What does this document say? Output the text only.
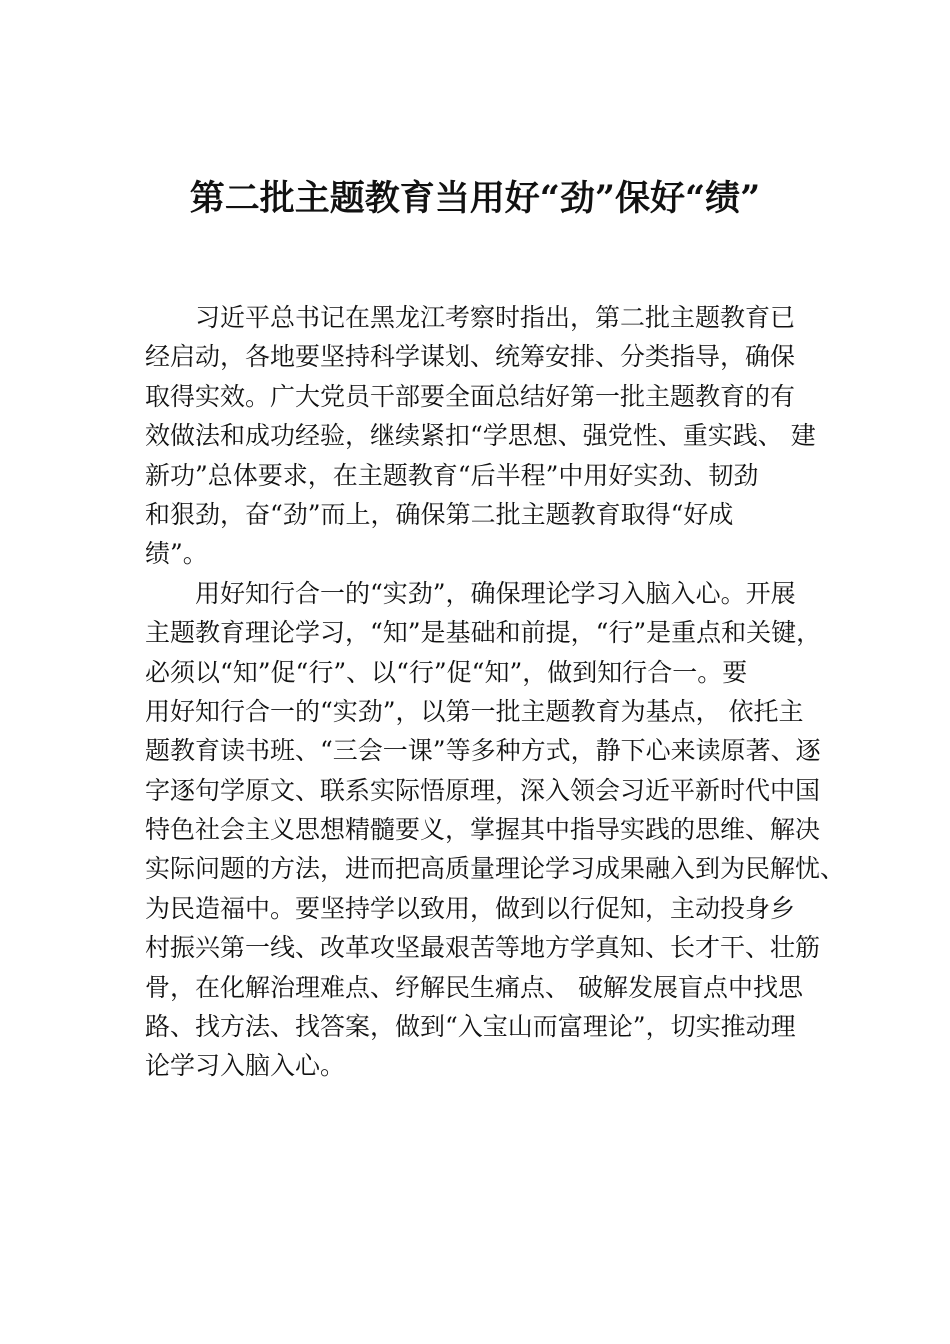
第二批主题教育当用好“劲”保好“绩”
习近平总书记在黑龙江考察时指出，第二批主题教育已
经启动，各地要坚持科学谋划、统筹安排、分类指导，确保
取得实效。广大党员干部要全面总结好第一批主题教育的有
效做法和成功经验，继续紧扣“学思想、强党性、重实践、 建
新功”总体要求，在主题教育“后半程”中用好实劲、韧劲
和狠劲，奋“劲”而上，确保第二批主题教育取得“好成
绩”。
用好知行合一的“实劲”，确保理论学习入脑入心。开展
主题教育理论学习，“知”是基础和前提，“行”是重点和关键，
必须以“知”促“行”、以“行”促“知”，做到知行合一。要
用好知行合一的“实劲”，以第一批主题教育为基点， 依托主
题教育读书班、“三会一课”等多种方式，静下心来读原著、逐
字逐句学原文、联系实际悟原理，深入领会习近平新时代中国
特色社会主义思想精髓要义，掌握其中指导实践的思维、解决
实际问题的方法，进而把高质量理论学习成果融入到为民解忧、
为民造福中。要坚持学以致用，做到以行促知，主动投身乡
村振兴第一线、改革攻坚最艰苦等地方学真知、长才干、壮筋
骨，在化解治理难点、纾解民生痛点、 破解发展盲点中找思
路、找方法、找答案，做到“入宝山而富理论”，切实推动理
论学习入脑入心。
